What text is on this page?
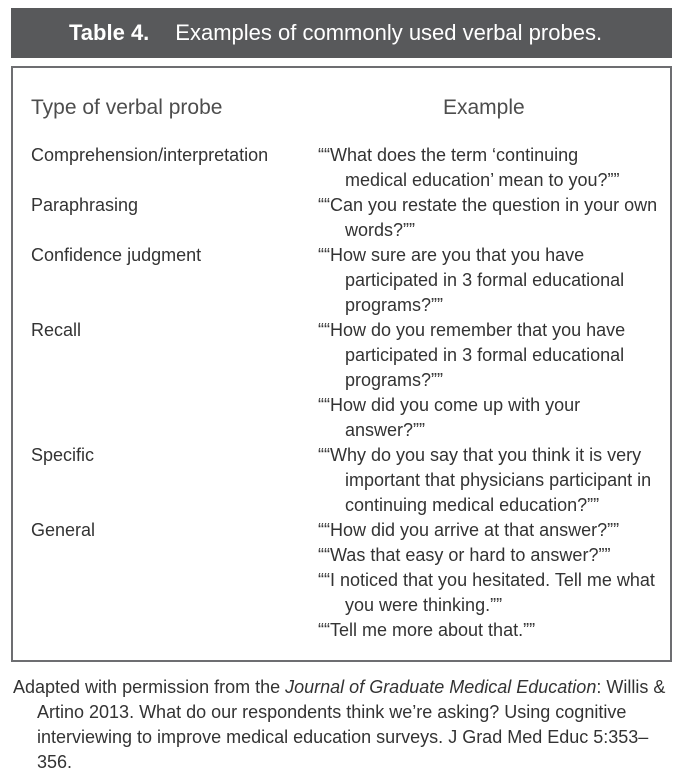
Table 4. Examples of commonly used verbal probes.
Type of verbal probe	Example
Comprehension/interpretation	““What does the term ‘continuing medical education’ mean to you?””
Paraphrasing	““Can you restate the question in your own words?””
Confidence judgment	““How sure are you that you have participated in 3 formal educational programs?””
Recall	““How do you remember that you have participated in 3 formal educational programs?””
““How did you come up with your answer?””
Specific	““Why do you say that you think it is very important that physicians participant in continuing medical education?””
General	““How did you arrive at that answer?””
““Was that easy or hard to answer?””
““I noticed that you hesitated. Tell me what you were thinking.””
““Tell me more about that.””
Adapted with permission from the Journal of Graduate Medical Education: Willis & Artino 2013. What do our respondents think we’re asking? Using cognitive interviewing to improve medical education surveys. J Grad Med Educ 5:353–356.
